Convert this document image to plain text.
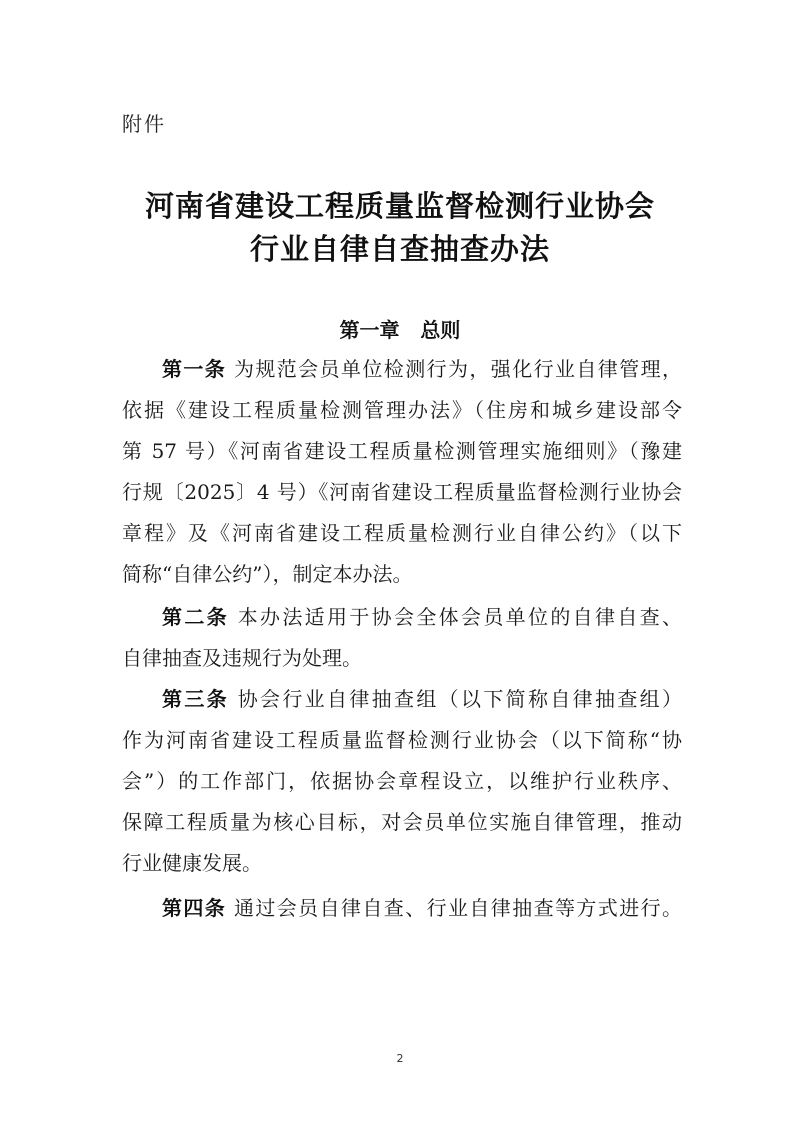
附件
河南省建设工程质量监督检测行业协会
行业自律自查抽查办法
第一章   总则
第一条 为规范会员单位检测行为，强化行业自律管理，
依据《建设工程质量检测管理办法》（住房和城乡建设部令
第 57 号）《河南省建设工程质量检测管理实施细则》（豫建
行规〔2025〕4 号）《河南省建设工程质量监督检测行业协会
章程》及《河南省建设工程质量检测行业自律公约》（以下
简称“自律公约”），制定本办法。
第二条 本办法适用于协会全体会员单位的自律自查、
自律抽查及违规行为处理。
第三条 协会行业自律抽查组（以下简称自律抽查组）
作为河南省建设工程质量监督检测行业协会（以下简称“协
会”）的工作部门，依据协会章程设立，以维护行业秩序、
保障工程质量为核心目标，对会员单位实施自律管理，推动
行业健康发展。
第四条 通过会员自律自查、行业自律抽查等方式进行。
2
